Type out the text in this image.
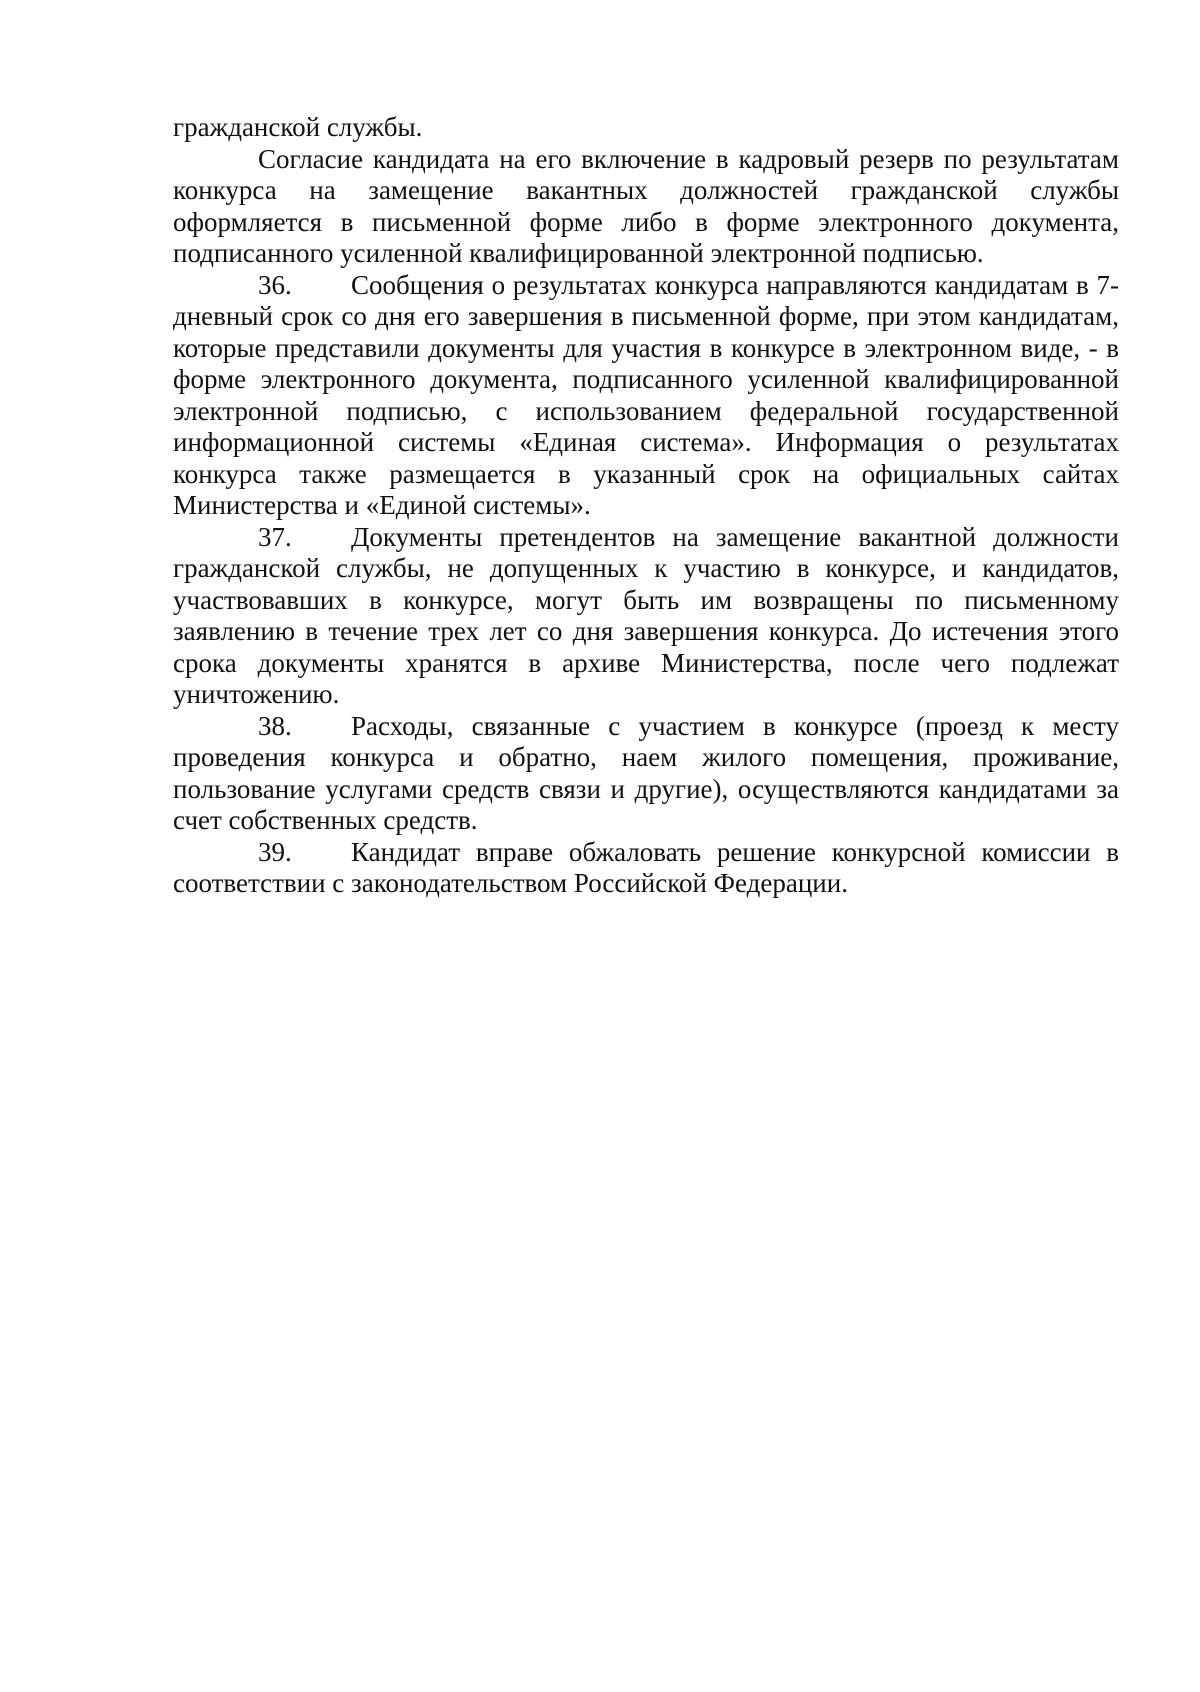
гражданской службы.

Согласие кандидата на его включение в кадровый резерв по результатам конкурса на замещение вакантных должностей гражданской службы оформляется в письменной форме либо в форме электронного документа, подписанного усиленной квалифицированной электронной подписью.

36. Сообщения о результатах конкурса направляются кандидатам в 7-дневный срок со дня его завершения в письменной форме, при этом кандидатам, которые представили документы для участия в конкурсе в электронном виде, - в форме электронного документа, подписанного усиленной квалифицированной электронной подписью, с использованием федеральной государственной информационной системы «Единая система». Информация о результатах конкурса также размещается в указанный срок на официальных сайтах Министерства и «Единой системы».

37. Документы претендентов на замещение вакантной должности гражданской службы, не допущенных к участию в конкурсе, и кандидатов, участвовавших в конкурсе, могут быть им возвращены по письменному заявлению в течение трех лет со дня завершения конкурса. До истечения этого срока документы хранятся в архиве Министерства, после чего подлежат уничтожению.

38. Расходы, связанные с участием в конкурсе (проезд к месту проведения конкурса и обратно, наем жилого помещения, проживание, пользование услугами средств связи и другие), осуществляются кандидатами за счет собственных средств.

39. Кандидат вправе обжаловать решение конкурсной комиссии в соответствии с законодательством Российской Федерации.
